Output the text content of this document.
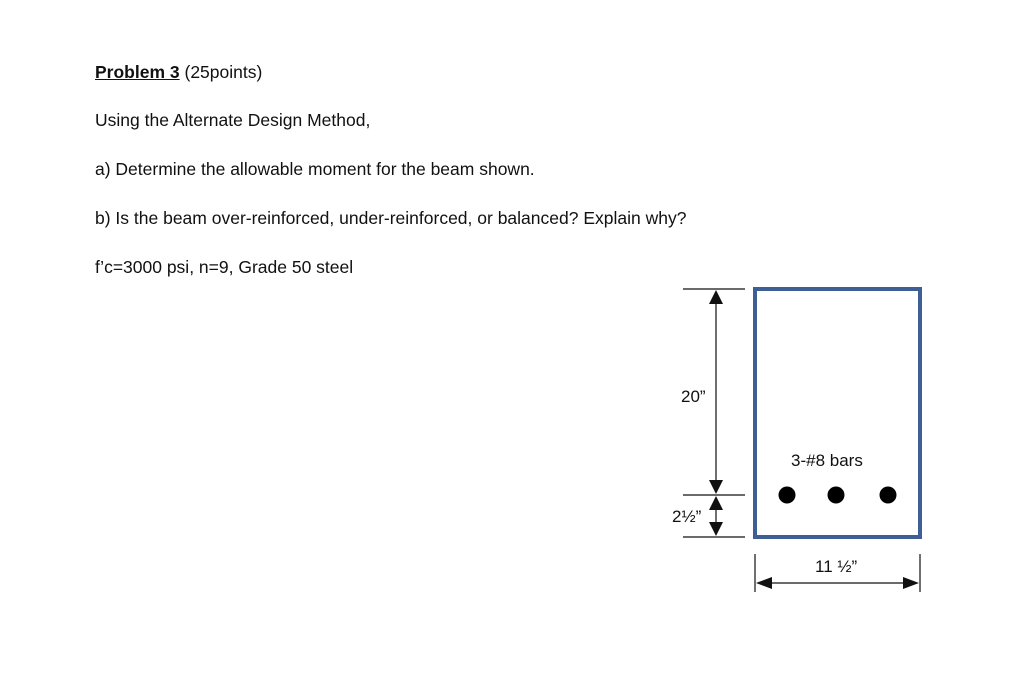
Problem 3 (25points)
Using the Alternate Design Method,
a) Determine the allowable moment for the beam shown.
b) Is the beam over-reinforced, under-reinforced, or balanced? Explain why?
f’c=3000 psi, n=9, Grade 50 steel
20”
2½”
3-#8 bars
11 ½”
